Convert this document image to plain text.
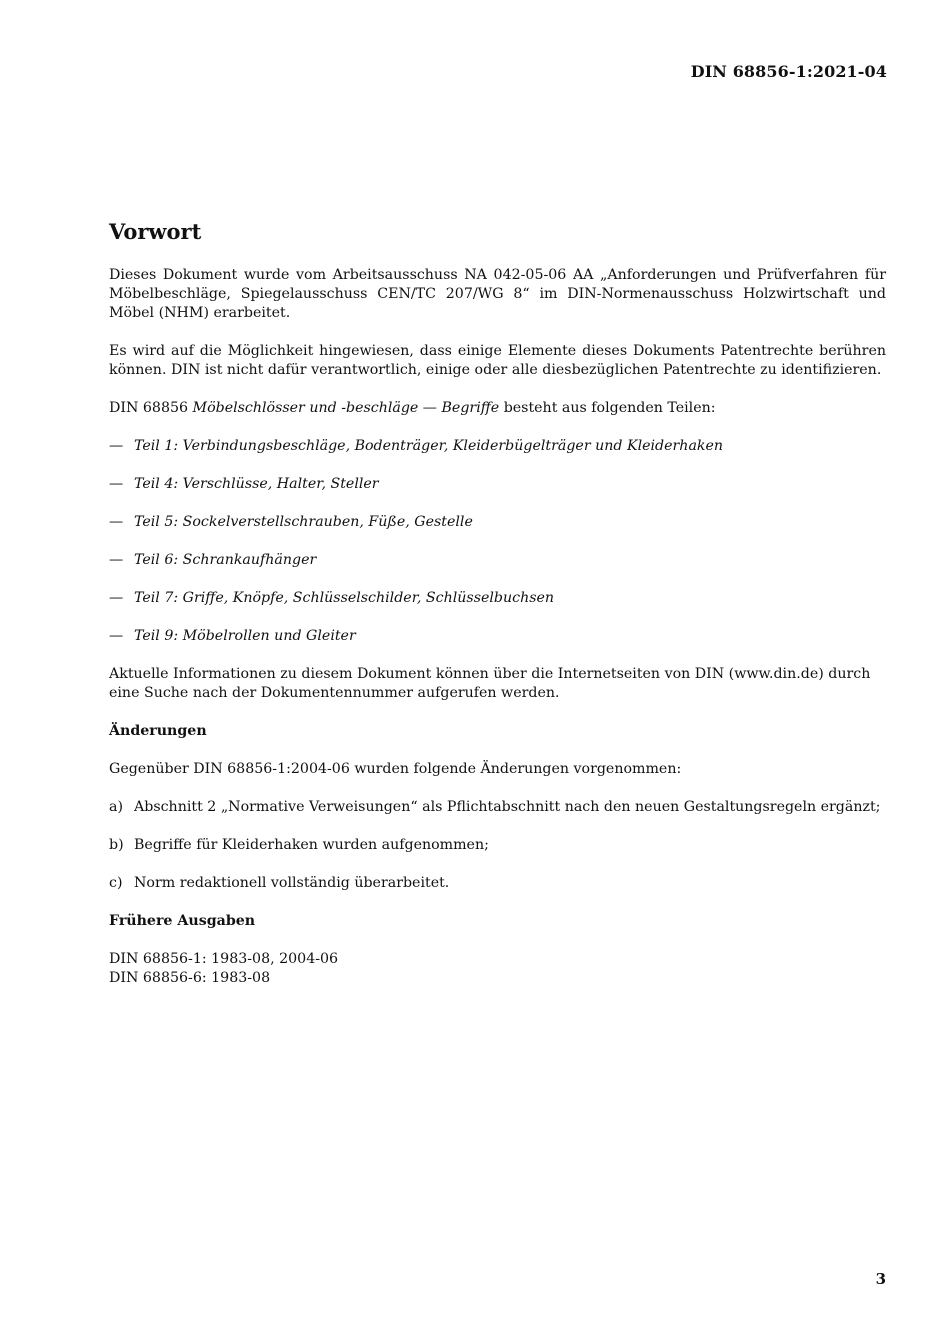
DIN 68856-1:2021-04
Vorwort

Dieses Dokument wurde vom Arbeitsausschuss NA 042-05-06 AA „Anforderungen und Prüfverfahren für Möbelbeschläge, Spiegelausschuss CEN/TC 207/WG 8“ im DIN-Normenausschuss Holzwirtschaft und Möbel (NHM) erarbeitet.

Es wird auf die Möglichkeit hingewiesen, dass einige Elemente dieses Dokuments Patentrechte berühren können. DIN ist nicht dafür verantwortlich, einige oder alle diesbezüglichen Patentrechte zu identifizieren.

DIN 68856 Möbelschlösser und -beschläge — Begriffe besteht aus folgenden Teilen:

— Teil 1: Verbindungsbeschläge, Bodenträger, Kleiderbügelträger und Kleiderhaken
— Teil 4: Verschlüsse, Halter, Steller
— Teil 5: Sockelverstellschrauben, Füße, Gestelle
— Teil 6: Schrankaufhänger
— Teil 7: Griffe, Knöpfe, Schlüsselschilder, Schlüsselbuchsen
— Teil 9: Möbelrollen und Gleiter

Aktuelle Informationen zu diesem Dokument können über die Internetseiten von DIN (www.din.de) durch eine Suche nach der Dokumentennummer aufgerufen werden.

Änderungen

Gegenüber DIN 68856-1:2004-06 wurden folgende Änderungen vorgenommen:

a) Abschnitt 2 „Normative Verweisungen“ als Pflichtabschnitt nach den neuen Gestaltungsregeln ergänzt;
b) Begriffe für Kleiderhaken wurden aufgenommen;
c) Norm redaktionell vollständig überarbeitet.
Frühere Ausgaben
DIN 68856-1: 1983-08, 2004-06
DIN 68856-6: 1983-08
3
